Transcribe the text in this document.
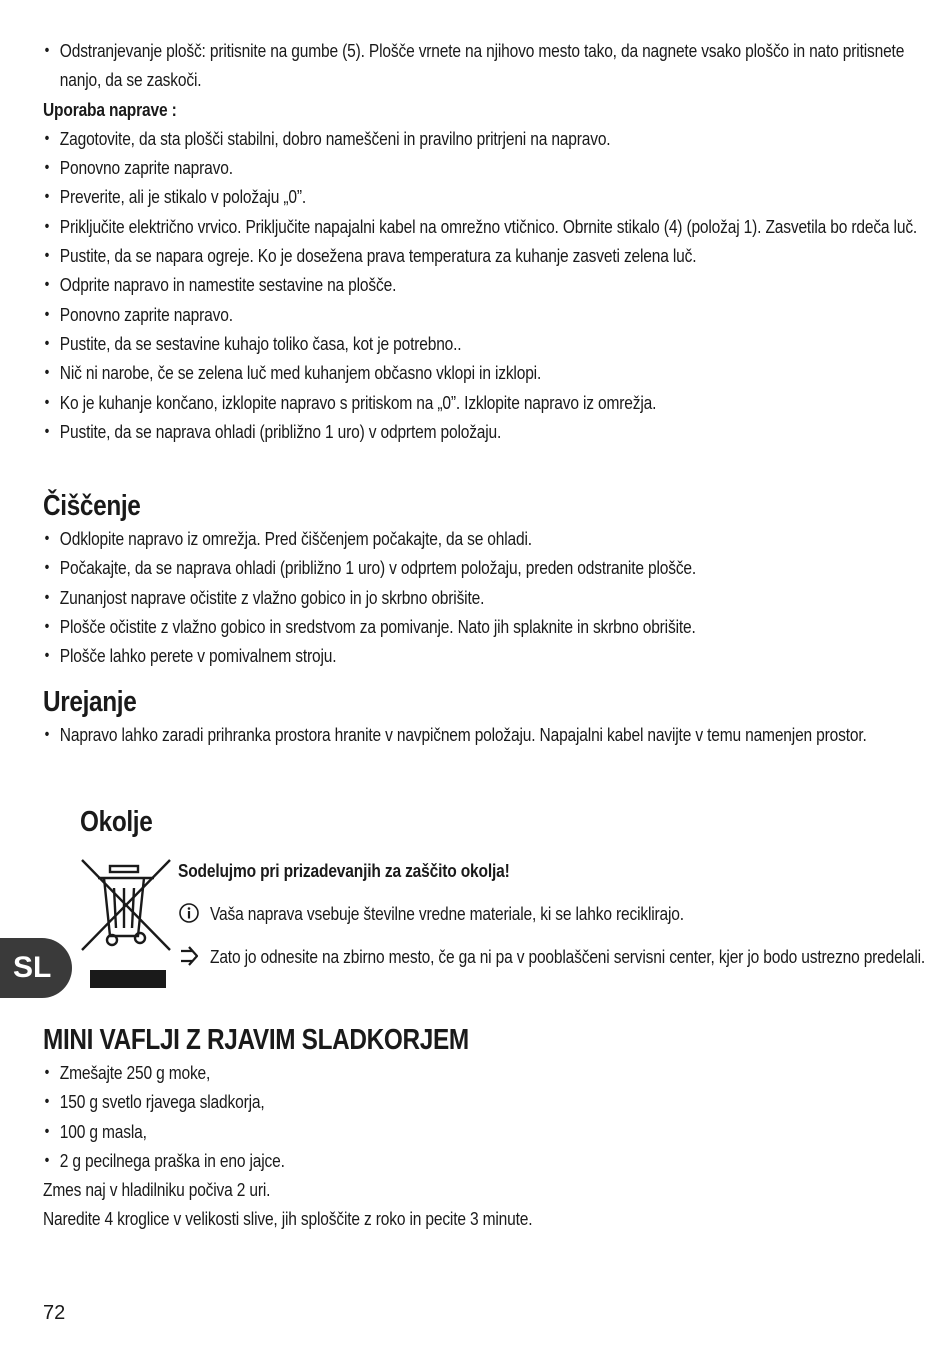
• Odstranjevanje plošč: pritisnite na gumbe (5). Plošče vrnete na njihovo mesto tako, da nagnete vsako ploščo in nato pritisnete nanjo, da se zaskoči.

Uporaba naprave :

• Zagotovite, da sta plošči stabilni, dobro nameščeni in pravilno pritrjeni na napravo.
• Ponovno zaprite napravo.
• Preverite, ali je stikalo v položaju „0”.
• Priključite električno vrvico. Priključite napajalni kabel na omrežno vtičnico. Obrnite stikalo (4) (položaj 1). Zasvetila bo rdeča luč.
• Pustite, da se napara ogreje. Ko je dosežena prava temperatura za kuhanje zasveti zelena luč.
• Odprite napravo in namestite sestavine na plošče.
• Ponovno zaprite napravo.
• Pustite, da se sestavine kuhajo toliko časa, kot je potrebno..
• Nič ni narobe, če se zelena luč med kuhanjem občasno vklopi in izklopi.
• Ko je kuhanje končano, izklopite napravo s pritiskom na „0”. Izklopite napravo iz omrežja.
• Pustite, da se naprava ohladi (približno 1 uro) v odprtem položaju.
Čiščenje
• Odklopite napravo iz omrežja. Pred čiščenjem počakajte, da se ohladi.
• Počakajte, da se naprava ohladi (približno 1 uro) v odprtem položaju, preden odstranite plošče.
• Zunanjost naprave očistite z vlažno gobico in jo skrbno obrišite.
• Plošče očistite z vlažno gobico in sredstvom za pomivanje. Nato jih splaknite in skrbno obrišite.
• Plošče lahko perete v pomivalnem stroju.
Urejanje
• Napravo lahko zaradi prihranka prostora hranite v navpičnem položaju. Napajalni kabel navijte v temu namenjen prostor.
Okolje

Sodelujmo pri prizadevanjih za zaščito okolja!

Vaša naprava vsebuje številne vredne materiale, ki se lahko reciklirajo.

Zato jo odnesite na zbirno mesto, če ga ni pa v pooblaščeni servisni center, kjer jo bodo ustrezno predelali.

SL
MINI VAFLJI Z RJAVIM SLADKORJEM
• Zmešajte 250 g moke,
• 150 g svetlo rjavega sladkorja,
• 100 g masla,
• 2 g pecilnega praška in eno jajce.

Zmes naj v hladilniku počiva 2 uri.

Naredite 4 kroglice v velikosti slive, jih sploščite z roko in pecite 3 minute.

72
